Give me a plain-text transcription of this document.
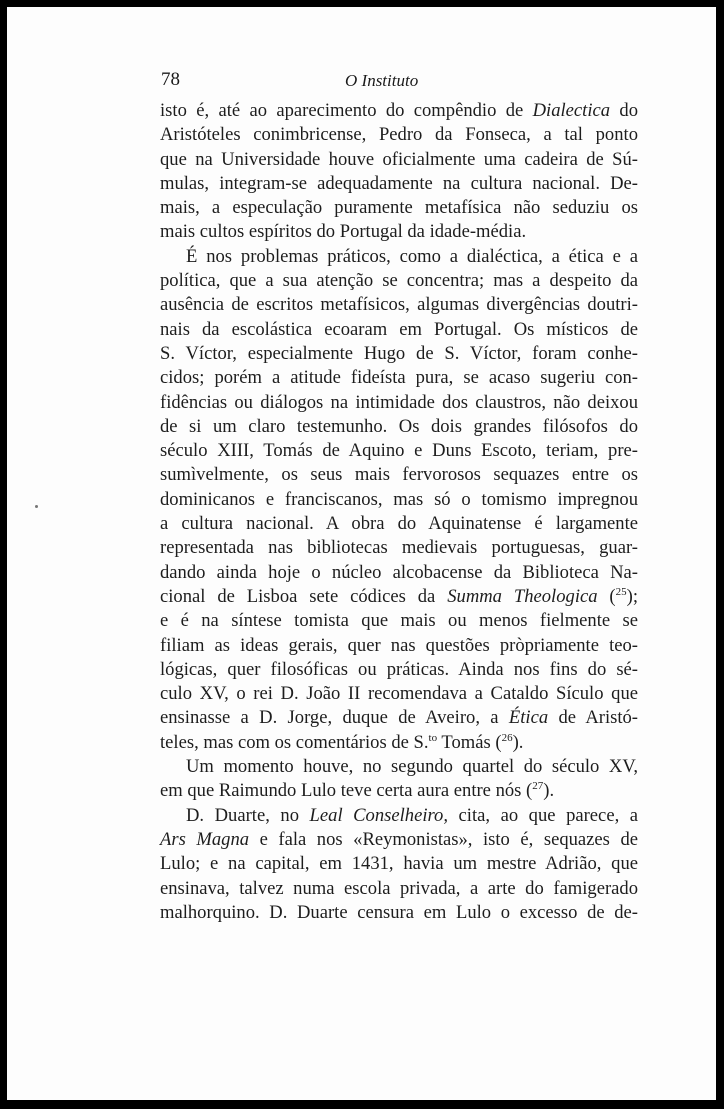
78	O Instituto
isto é, até ao aparecimento do compêndio de Dialectica do
Aristóteles conimbricense, Pedro da Fonseca, a tal ponto
que na Universidade houve oficialmente uma cadeira de Sú-
mulas, integram-se adequadamente na cultura nacional. De-
mais, a especulação puramente metafísica não seduziu os
mais cultos espíritos do Portugal da idade-média.
É nos problemas práticos, como a dialéctica, a ética e a
política, que a sua atenção se concentra; mas a despeito da
ausência de escritos metafísicos, algumas divergências doutri-
nais da escolástica ecoaram em Portugal. Os místicos de
S. Víctor, especialmente Hugo de S. Víctor, foram conhe-
cidos; porém a atitude fideísta pura, se acaso sugeriu con-
fidências ou diálogos na intimidade dos claustros, não deixou
de si um claro testemunho. Os dois grandes filósofos do
século XIII, Tomás de Aquino e Duns Escoto, teriam, pre-
sumìvelmente, os seus mais fervorosos sequazes entre os
dominicanos e franciscanos, mas só o tomismo impregnou
a cultura nacional. A obra do Aquinatense é largamente
representada nas bibliotecas medievais portuguesas, guar-
dando ainda hoje o núcleo alcobacense da Biblioteca Na-
cional de Lisboa sete códices da Summa Theologica ($^{25}$);
e é na síntese tomista que mais ou menos fielmente se
filiam as ideas gerais, quer nas questões pròpriamente teo-
lógicas, quer filosóficas ou práticas. Ainda nos fins do sé-
culo XV, o rei D. João II recomendava a Cataldo Sículo que
ensinasse a D. Jorge, duque de Aveiro, a Ética de Aristó-
teles, mas com os comentários de S.$^{to}$ Tomás ($^{26}$).
Um momento houve, no segundo quartel do século XV,
em que Raimundo Lulo teve certa aura entre nós ($^{27}$).
D. Duarte, no Leal Conselheiro, cita, ao que parece, a
Ars Magna e fala nos «Reymonistas», isto é, sequazes de
Lulo; e na capital, em 1431, havia um mestre Adrião, que
ensinava, talvez numa escola privada, a arte do famigerado
malhorquino. D. Duarte censura em Lulo o excesso de de-
